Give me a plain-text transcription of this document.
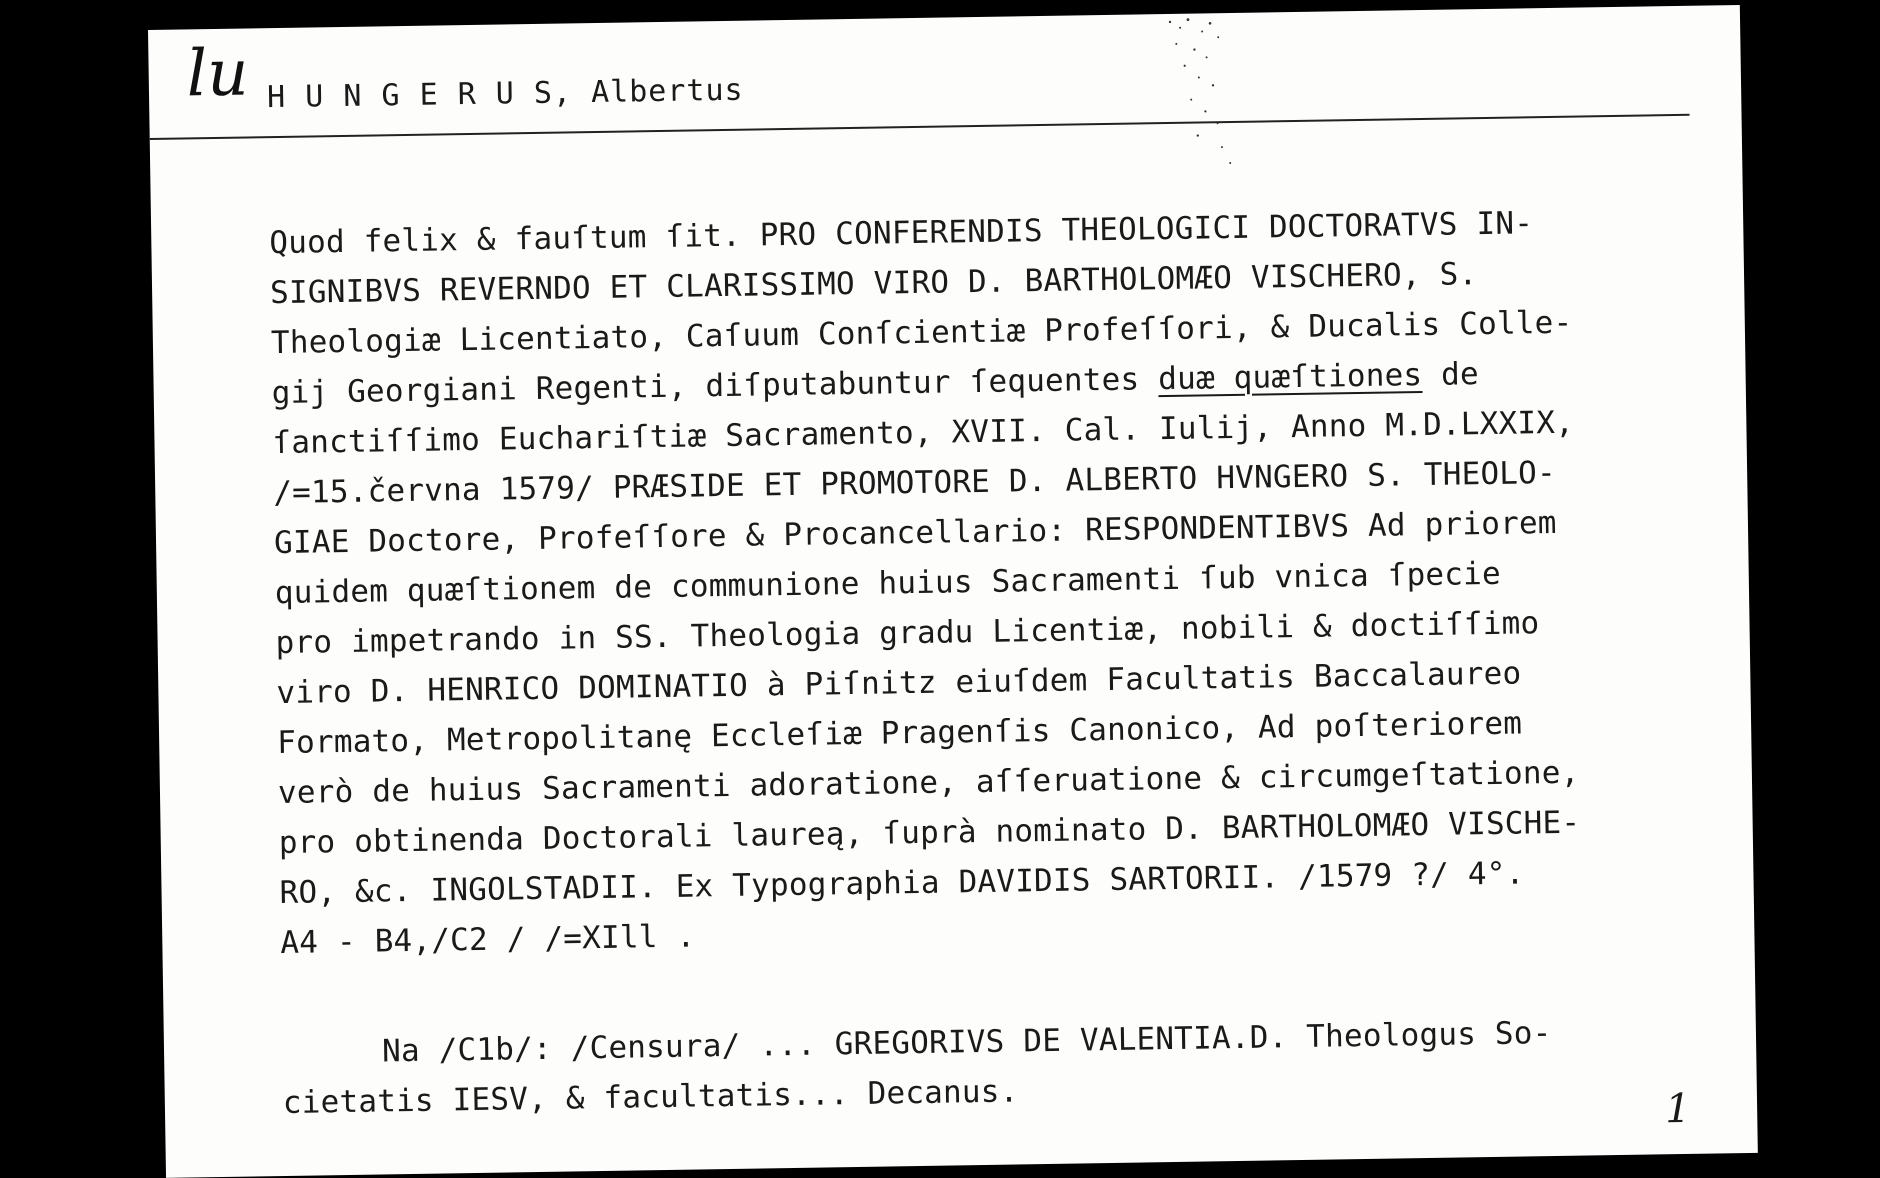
lu H U N G E R U S, Albertus
Quod felix & fauſtum ſit. PRO CONFERENDIS THEOLOGICI DOCTORATVS IN-
SIGNIBVS REVERNDO ET CLARISSIMO VIRO D. BARTHOLOMÆO VISCHERO, S.
Theologiæ Licentiato, Caſuum Conſcientiæ Profeſſori, & Ducalis Colle-
gij Georgiani Regenti, diſputabuntur ſequentes duæ quæſtiones de
ſanctiſſimo Euchariſtiæ Sacramento, XVII. Cal. Iulij, Anno M.D.LXXIX,
/=15.června 1579/ PRÆSIDE ET PROMOTORE D. ALBERTO HVNGERO S. THEOLO-
GIAE Doctore, Profeſſore & Procancellario: RESPONDENTIBVS Ad priorem
quidem quæſtionem de communione huius Sacramenti ſub vnica ſpecie
pro impetrando in SS. Theologia gradu Licentiæ, nobili & doctiſſimo
viro D. HENRICO DOMINATIO à Piſnitz eiuſdem Facultatis Baccalaureo
Formato, Metropolitanę Eccleſiæ Pragenſis Canonico, Ad poſteriorem
verò de huius Sacramenti adoratione, aſſeruatione & circumgeſtatione,
pro obtinenda Doctorali laureą, ſuprà nominato D. BARTHOLOMÆO VISCHE-
RO, &c. INGOLSTADII. Ex Typographia DAVIDIS SARTORII. /1579 ?/ 4°.
A4 - B4,/C2 / /=XIll .
Na /C1b/: /Censura/ ... GREGORIVS DE VALENTIA.D. Theologus So-
cietatis IESV, & facultatis... Decanus.	1
